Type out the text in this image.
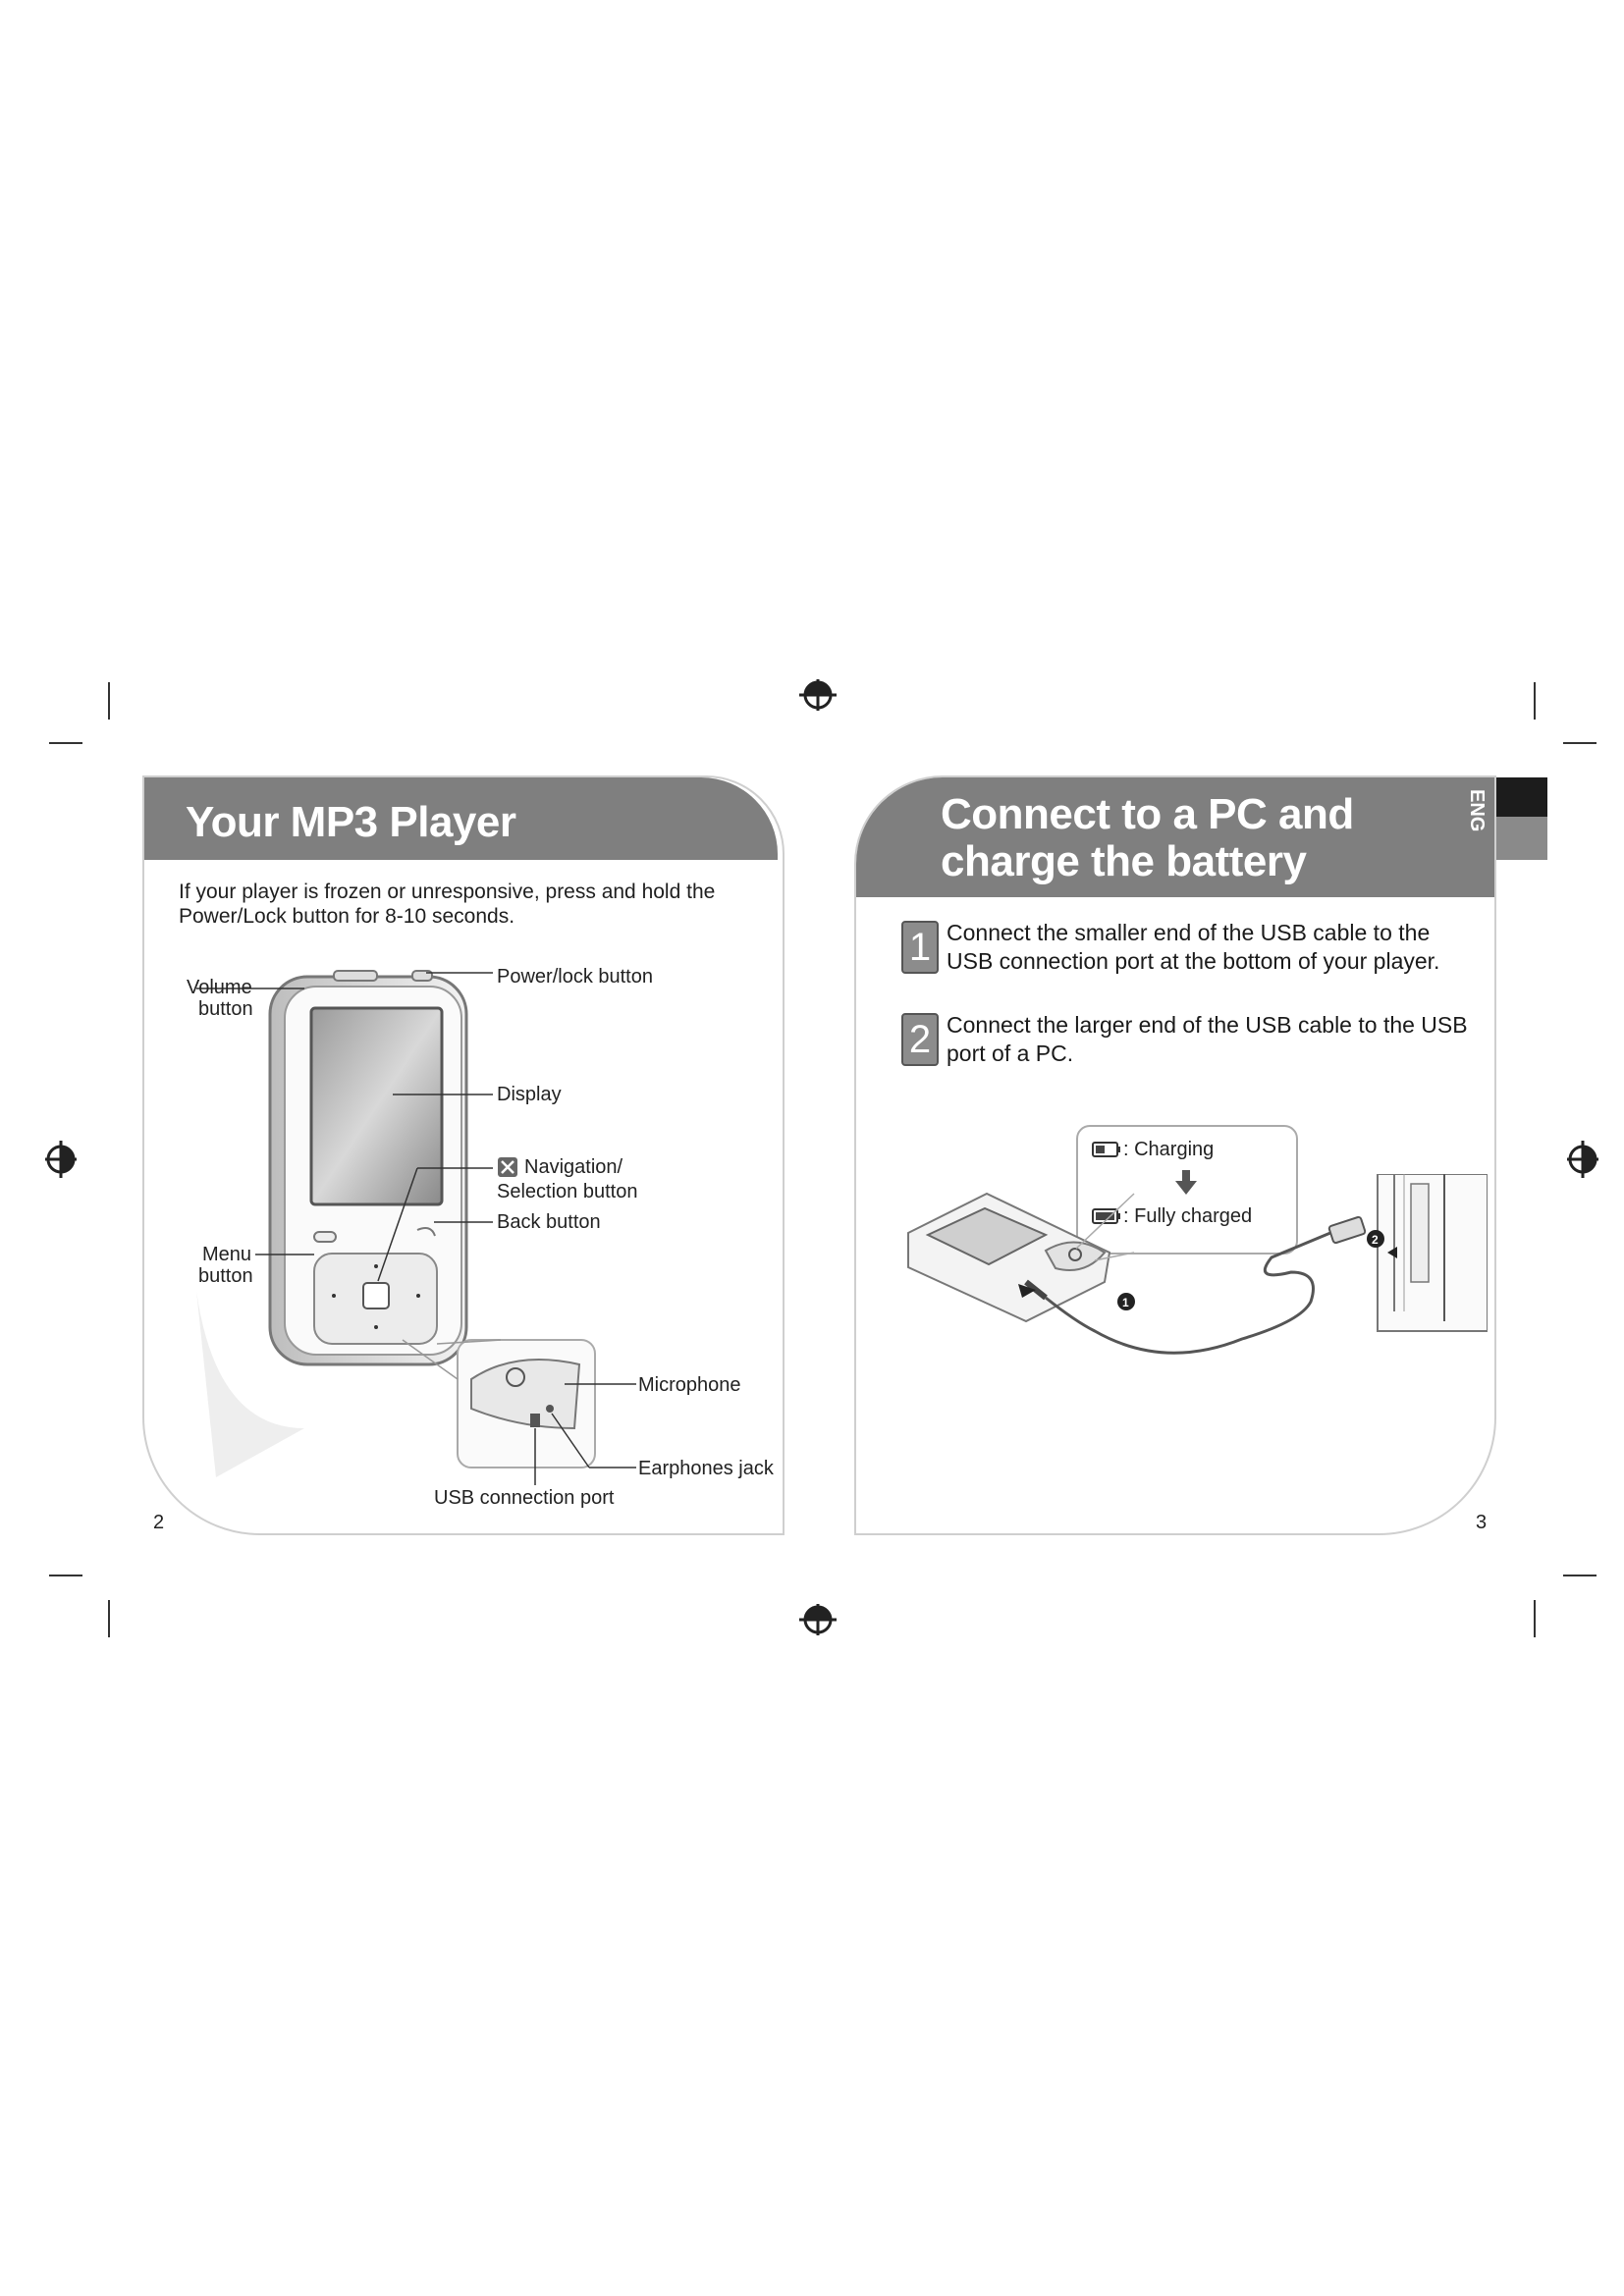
Your MP3 Player
If your player is frozen or unresponsive, press and hold the Power/Lock button for 8-10 seconds.
Volume
button
Power/lock button
Display
Navigation/
Selection button
Back button
Menu
button
Microphone
Earphones jack
USB connection port
2
Connect to a PC and
charge the battery
ENG
1 Connect the smaller end of the USB cable to the USB connection port at the bottom of your player.
2 Connect the larger end of the USB cable to the USB port of a PC.
: Charging
: Fully charged
1
2
3
